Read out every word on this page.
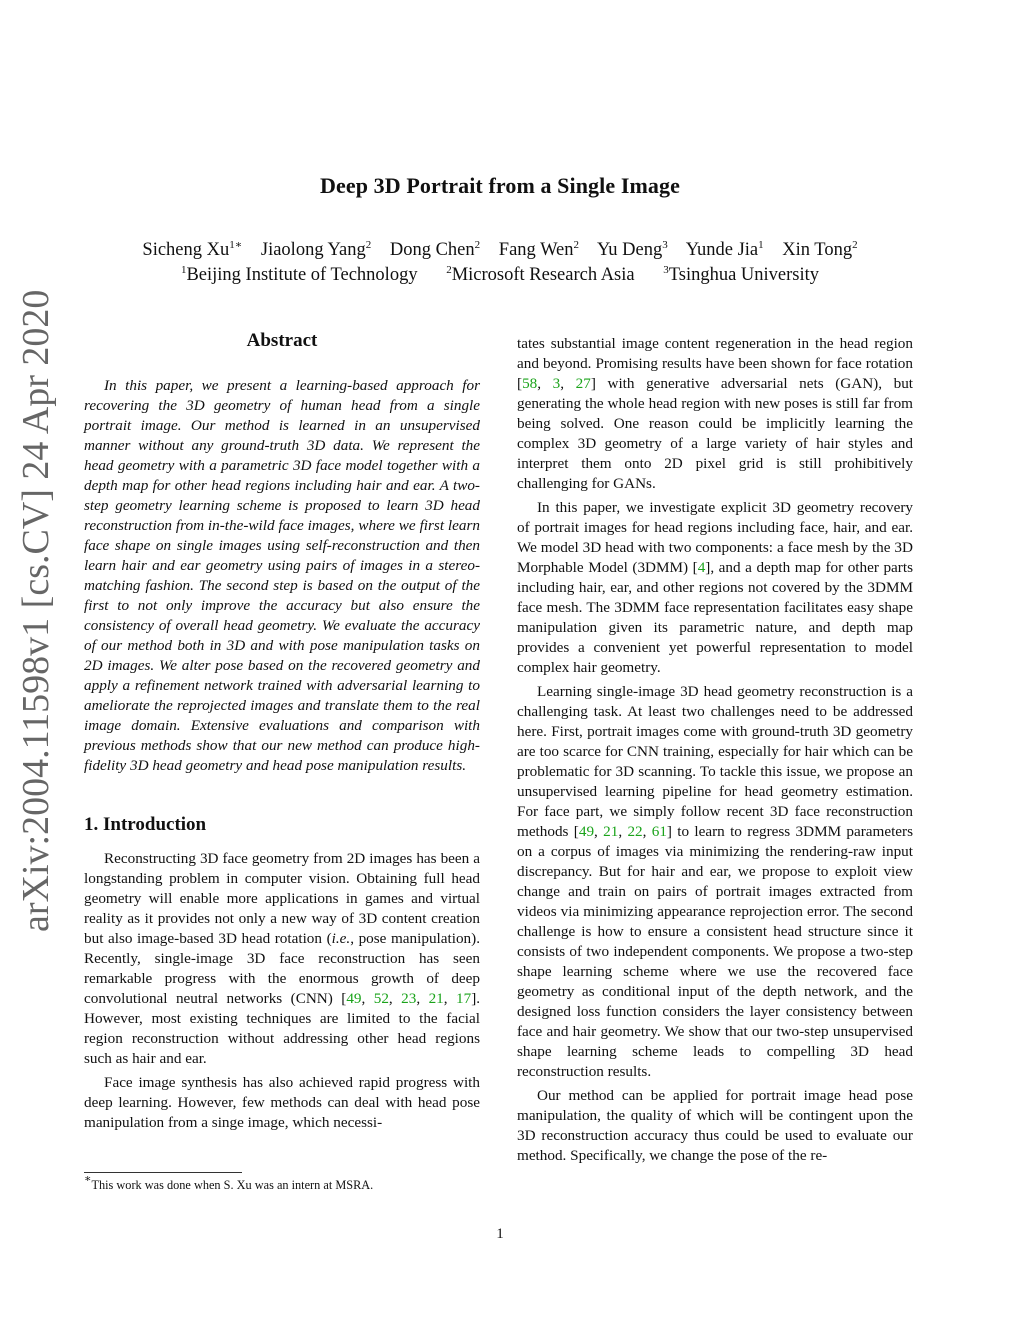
Deep 3D Portrait from a Single Image
Sicheng $Xu^{1∗}$ Jiaolong Yang$^2$ Dong Chen$^2$ Fang Wen$^2$ Yu Deng$^3$ Yunde Jia$^1$ Xin Tong$^2$
$^1$Beijing Institute of Technology	$^2$Microsoft Research Asia	$^3$Tsinghua University
arXiv:2004.11598v1 [cs.CV] 24 Apr 2020	Abstract

In this paper, we present a learning-based approach for recovering the 3D geometry of human head from a single portrait image. Our method is learned in an unsupervised manner without any ground-truth 3D data. We represent the head geometry with a parametric 3D face model together with a depth map for other head regions including hair and ear. A two-step geometry learning scheme is proposed to learn 3D head reconstruction from in-the-wild face images, where we first learn face shape on single images using self-reconstruction and then learn hair and ear geometry using pairs of images in a stereo-matching fashion. The second step is based on the output of the first to not only improve the accuracy but also ensure the consistency of overall head geometry. We evaluate the accuracy of our method both in 3D and with pose manipulation tasks on 2D images. We alter pose based on the recovered geometry and apply a refinement network trained with adversarial learning to ameliorate the reprojected images and translate them to the real image domain. Extensive evaluations and comparison with previous methods show that our new method can produce high-fidelity 3D head geometry and head pose manipulation results.

1. Introduction

Reconstructing 3D face geometry from 2D images has been a longstanding problem in computer vision. Obtaining full head geometry will enable more applications in games and virtual reality as it provides not only a new way of 3D content creation but also image-based 3D head rotation (i.e., pose manipulation). Recently, single-image 3D face reconstruction has seen remarkable progress with the enormous growth of deep convolutional neutral networks (CNN) [49, 52, 23, 21, 17]. However, most existing techniques are limited to the facial region reconstruction without addressing other head regions such as hair and ear.

Face image synthesis has also achieved rapid progress with deep learning. However, few methods can deal with head pose manipulation from a singe image, which necessi-

tates substantial image content regeneration in the head region and beyond. Promising results have been shown for face rotation [58, 3, 27] with generative adversarial nets (GAN), but generating the whole head region with new poses is still far from being solved. One reason could be implicitly learning the complex 3D geometry of a large variety of hair styles and interpret them onto 2D pixel grid is still prohibitively challenging for GANs.

In this paper, we investigate explicit 3D geometry recovery of portrait images for head regions including face, hair, and ear. We model 3D head with two components: a face mesh by the 3D Morphable Model (3DMM) [4], and a depth map for other parts including hair, ear, and other regions not covered by the 3DMM face mesh. The 3DMM face representation facilitates easy shape manipulation given its parametric nature, and depth map provides a convenient yet powerful representation to model complex hair geometry.

Learning single-image 3D head geometry reconstruction is a challenging task. At least two challenges need to be addressed here. First, portrait images come with ground-truth 3D geometry are too scarce for CNN training, especially for hair which can be problematic for 3D scanning. To tackle this issue, we propose an unsupervised learning pipeline for head geometry estimation. For face part, we simply follow recent 3D face reconstruction methods [49, 21, 22, 61] to learn to regress 3DMM parameters on a corpus of images via minimizing the rendering-raw input discrepancy. But for hair and ear, we propose to exploit view change and train on pairs of portrait images extracted from videos via minimizing appearance reprojection error. The second challenge is how to ensure a consistent head structure since it consists of two independent components. We propose a two-step shape learning scheme where we use the recovered face geometry as conditional input of the depth network, and the designed loss function considers the layer consistency between face and hair geometry. We show that our two-step unsupervised shape learning scheme leads to compelling 3D head reconstruction results.

Our method can be applied for portrait image head pose manipulation, the quality of which will be contingent upon the 3D reconstruction accuracy thus could be used to evaluate our method. Specifically, we change the pose of the re-

∗This work was done when S. Xu was an intern at MSRA.
1
